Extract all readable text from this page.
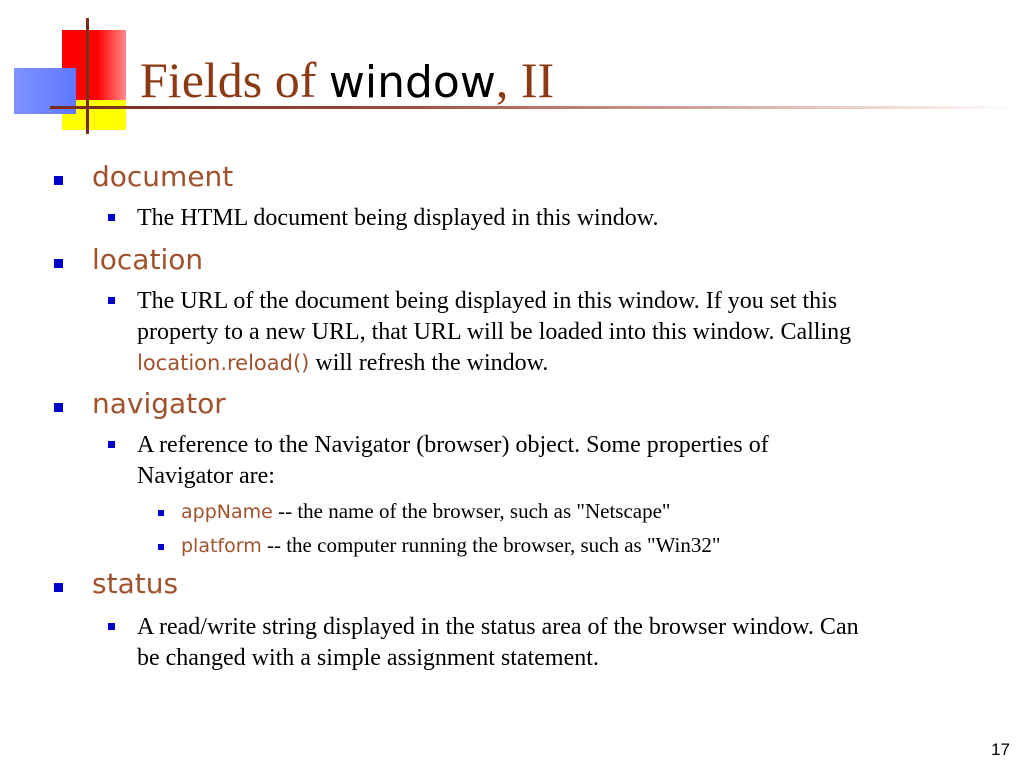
Fields of window, II
document
The HTML document being displayed in this window.
location
The URL of the document being displayed in this window. If you set this
property to a new URL, that URL will be loaded into this window. Calling
location.reload() will refresh the window.
navigator
A reference to the Navigator (browser) object. Some properties of
Navigator are:
appName -- the name of the browser, such as "Netscape"
platform -- the computer running the browser, such as "Win32"
status
A read/write string displayed in the status area of the browser window. Can
be changed with a simple assignment statement.
17
